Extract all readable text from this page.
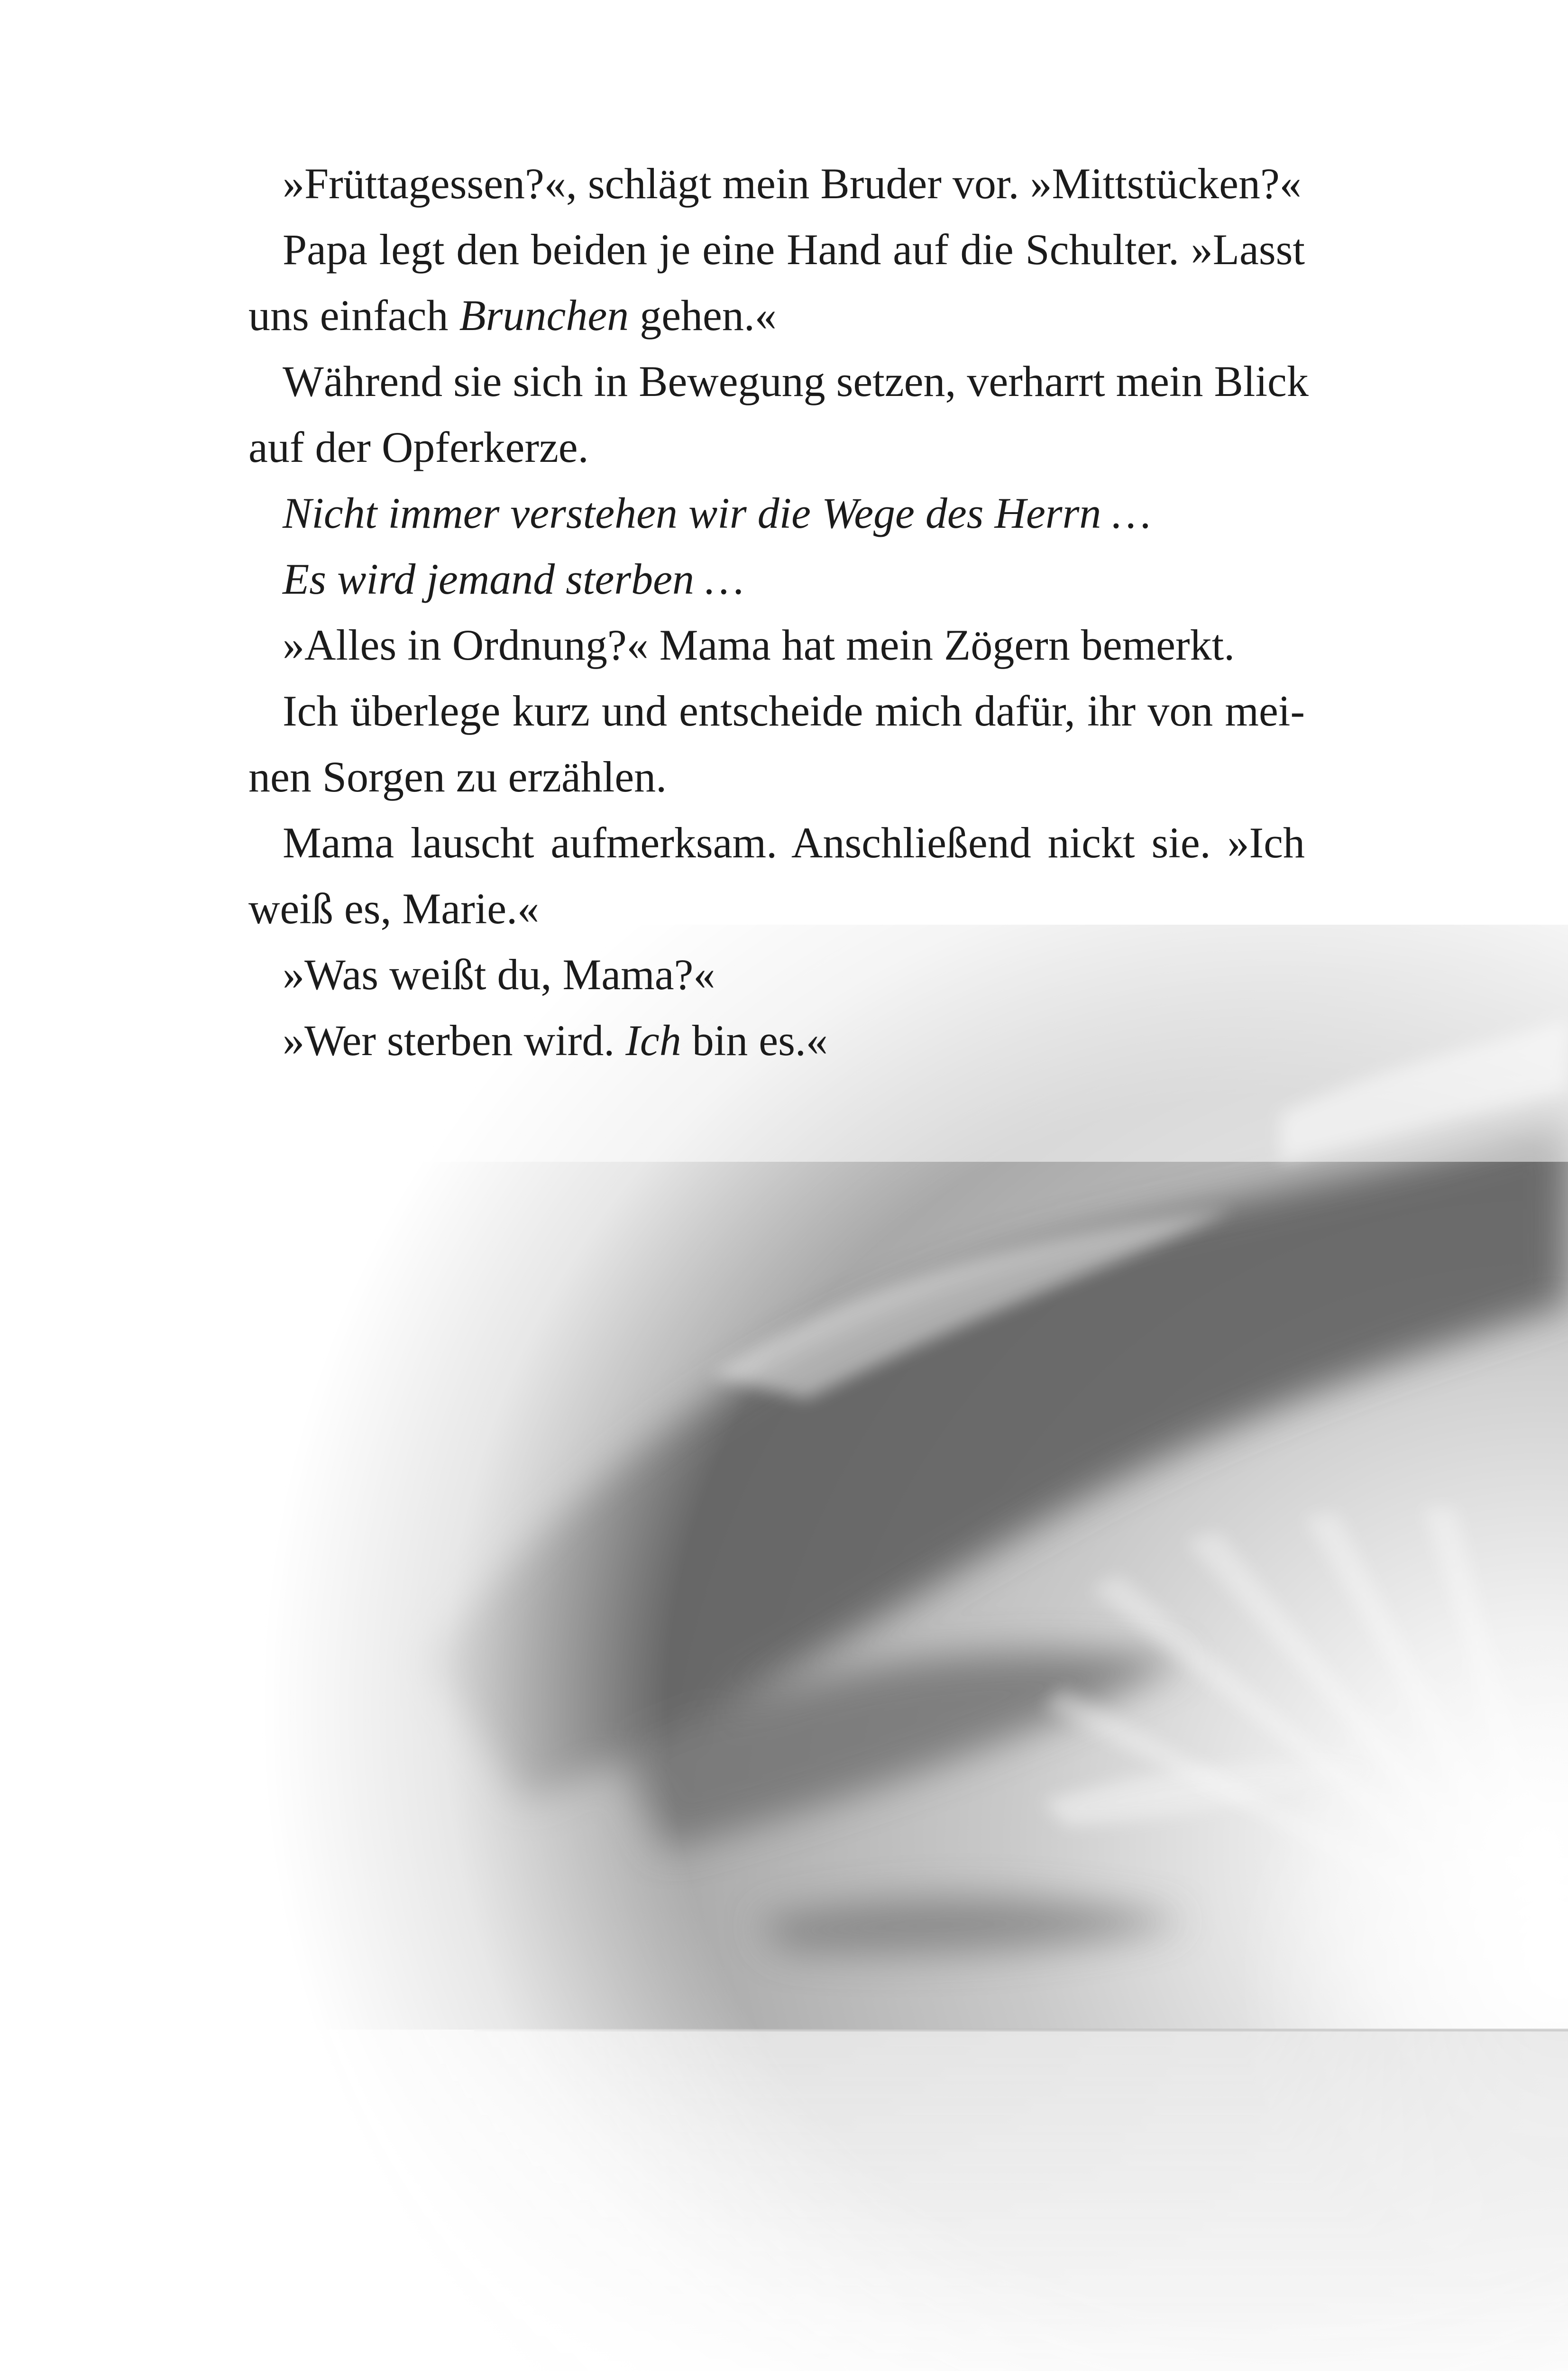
»Früttagessen?«, schlägt mein Bruder vor. »Mittstücken?«
Papa legt den beiden je eine Hand auf die Schulter. »Lasst
uns einfach Brunchen gehen.«
Während sie sich in Bewegung setzen, verharrt mein Blick
auf der Opferkerze.
Nicht immer verstehen wir die Wege des Herrn …
Es wird jemand sterben …
»Alles in Ordnung?« Mama hat mein Zögern bemerkt.
Ich überlege kurz und entscheide mich dafür, ihr von mei-
nen Sorgen zu erzählen.
Mama lauscht aufmerksam. Anschließend nickt sie. »Ich
weiß es, Marie.«
»Was weißt du, Mama?«
»Wer sterben wird. Ich bin es.«
